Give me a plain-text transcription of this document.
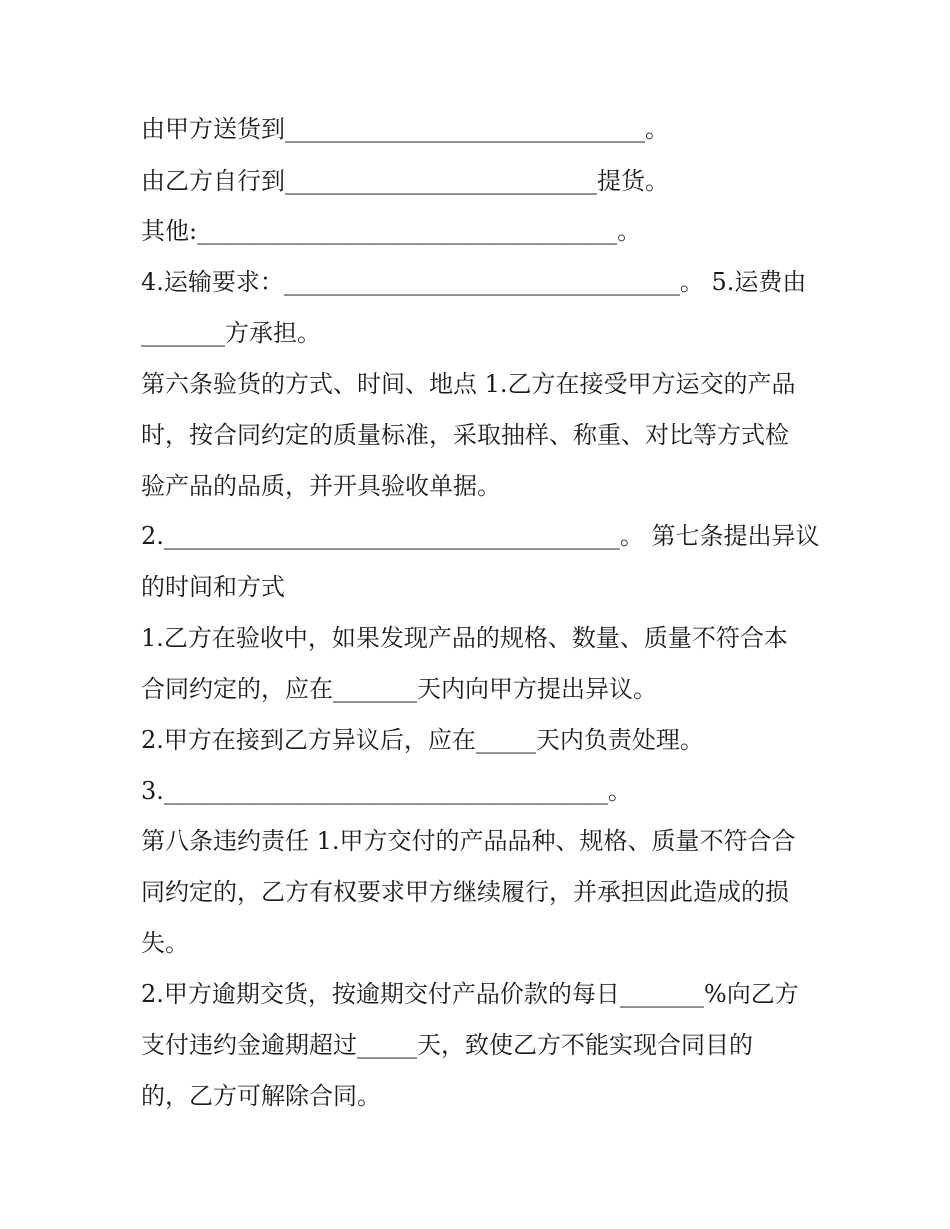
由甲方送货到______________________________。

由乙方自行到__________________________提货。

其他:___________________________________。

4.运输要求：_________________________________。 5.运费由

_______方承担。

第六条验货的方式、时间、地点 1.乙方在接受甲方运交的产品

时，按合同约定的质量标准，采取抽样、称重、对比等方式检

验产品的品质，并开具验收单据。

2.______________________________________。 第七条提出异议

的时间和方式

1.乙方在验收中，如果发现产品的规格、数量、质量不符合本

合同约定的，应在_______天内向甲方提出异议。

2.甲方在接到乙方异议后，应在_____天内负责处理。

3._____________________________________。

第八条违约责任 1.甲方交付的产品品种、规格、质量不符合合

同约定的，乙方有权要求甲方继续履行，并承担因此造成的损

失。

2.甲方逾期交货，按逾期交付产品价款的每日_______%向乙方

支付违约金逾期超过_____天，致使乙方不能实现合同目的

的，乙方可解除合同。
